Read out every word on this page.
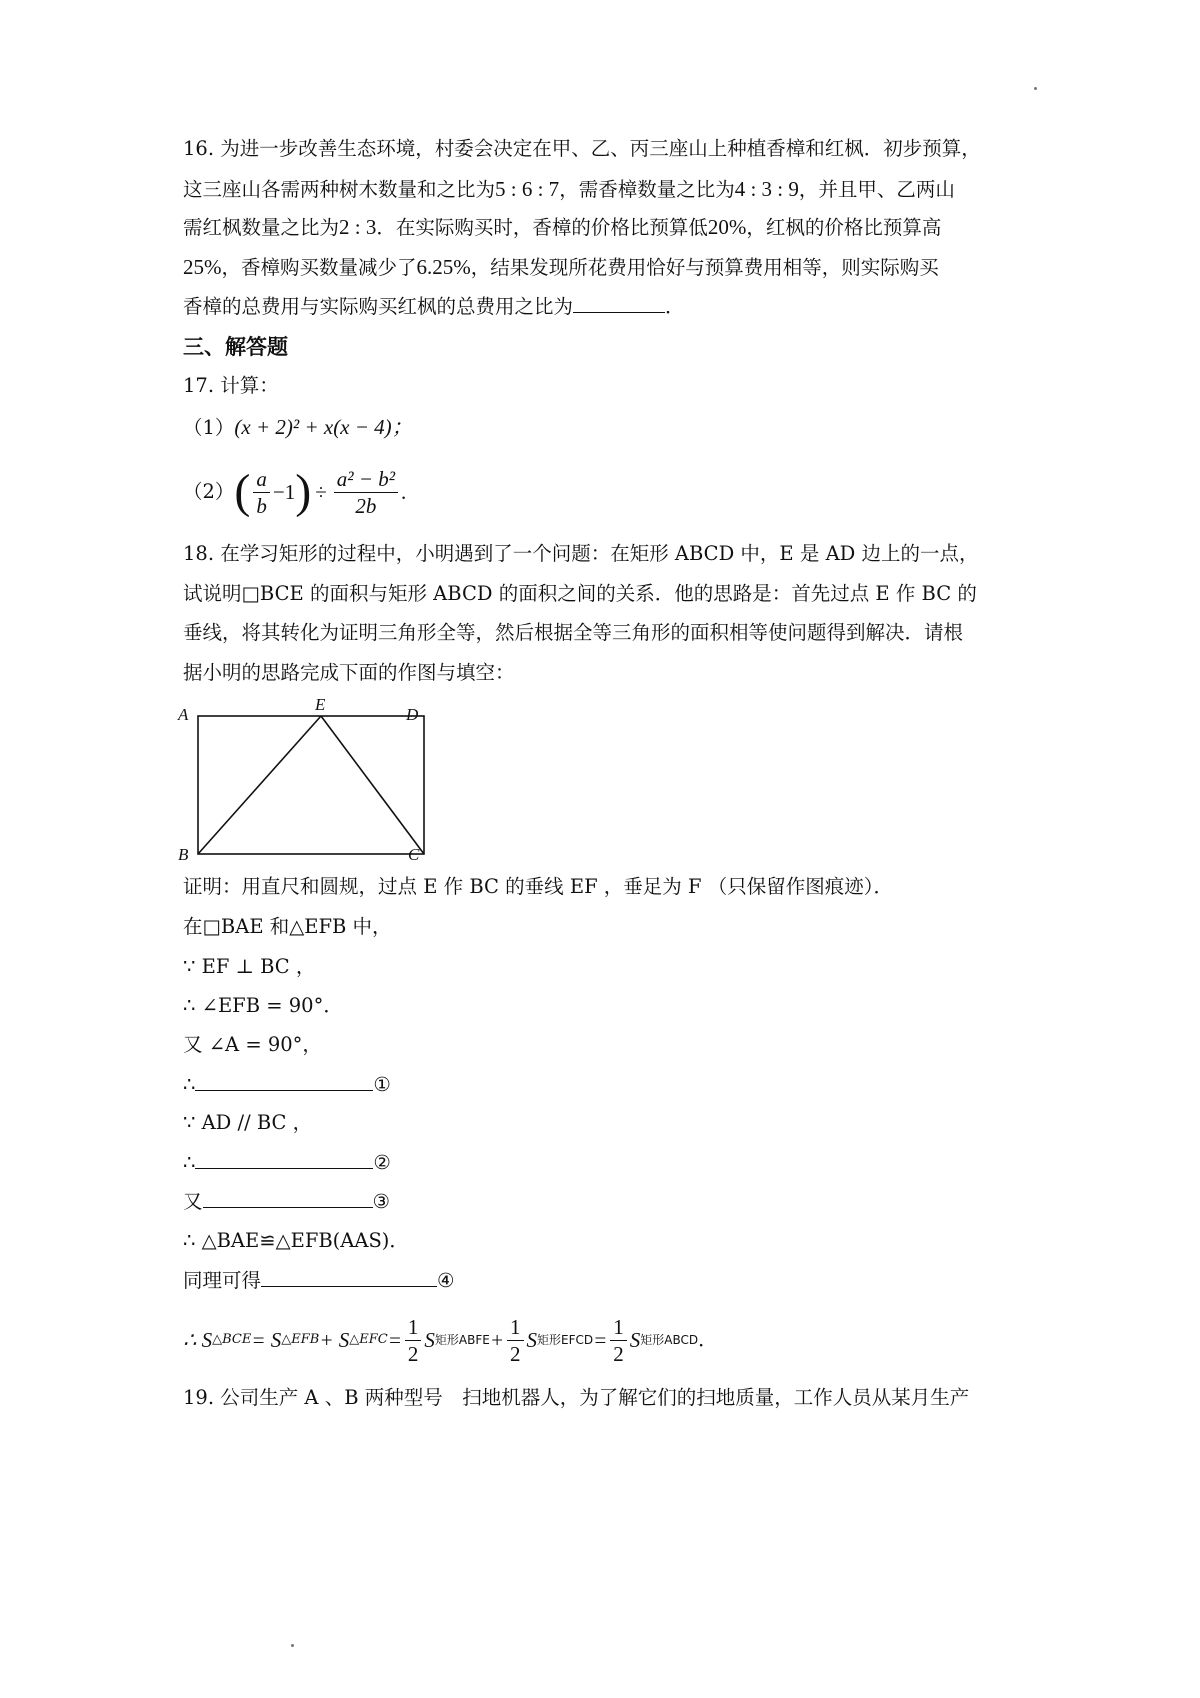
16. 为进一步改善生态环境，村委会决定在甲、乙、丙三座山上种植香樟和红枫．初步预算，
这三座山各需两种树木数量和之比为5 : 6 : 7，需香樟数量之比为4 : 3 : 9，并且甲、乙两山
需红枫数量之比为2 : 3．在实际购买时，香樟的价格比预算低20%，红枫的价格比预算高
25%，香樟购买数量减少了6.25%，结果发现所花费用恰好与预算费用相等，则实际购买
香樟的总费用与实际购买红枫的总费用之比为	．
三、解答题
17. 计算：
（1）(x + 2)² + x(x − 4)；
（2） ( $\frac{a}{b} -1$ ) ÷ $\frac{\text{a² − b²}}{2b}$ .
18. 在学习矩形的过程中，小明遇到了一个问题：在矩形 ABCD 中，E 是 AD 边上的一点，
试说明□BCE 的面积与矩形 ABCD 的面积之间的关系．他的思路是：首先过点 E 作 BC 的
垂线，将其转化为证明三角形全等，然后根据全等三角形的面积相等使问题得到解决．请根
据小明的思路完成下面的作图与填空：
A
E
D
B	C
证明：用直尺和圆规，过点 E 作 BC 的垂线 EF ，垂足为 F （只保留作图痕迹）．
在□BAE 和△EFB 中，
∵ EF ⊥ BC ，
∴ ∠EFB = 90°．
又 ∠A = 90°，
∴	①
∵ AD // BC ，
∴	②
又	③
∴ △BAE≌△EFB(AAS)．
同理可得	④
∴ S △BCE = S △EFB + S △EFC = $\frac{1}{2}$ S 矩形ABFE + $\frac{1}{2}$ S 矩形EFCD = $\frac{1}{2}$ S 矩形ABCD ．
19. 公司生产 A 、B 两种型号　扫地机器人，为了解它们的扫地质量，工作人员从某月生产
